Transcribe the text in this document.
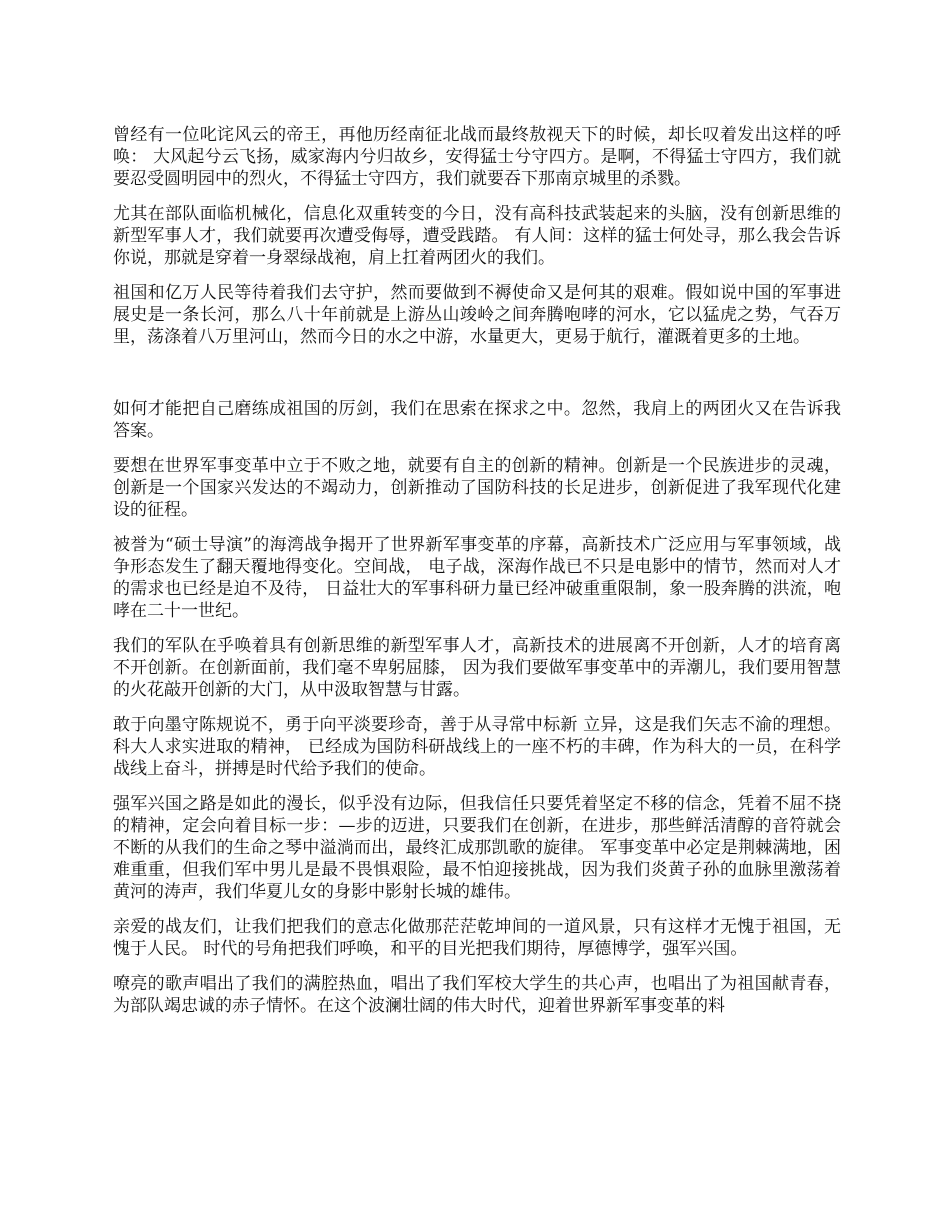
曾经有一位叱诧风云的帝王，再他历经南征北战而最终敖视天下的时候，却长叹着发出这样的呼唤： 大风起兮云飞扬，威家海内兮归故乡，安得猛士兮守四方。是啊，不得猛士守四方，我们就要忍受圆明园中的烈火，不得猛士守四方，我们就要吞下那南京城里的杀戮。

尤其在部队面临机械化，信息化双重转变的今日，没有高科技武装起来的头脑，没有创新思维的新型军事人才，我们就要再次遭受侮辱，遭受践踏。 有人间：这样的猛士何处寻，那么我会告诉你说，那就是穿着一身翠绿战袍，肩上扛着两团火的我们。

祖国和亿万人民等待着我们去守护，然而要做到不褥使命又是何其的艰难。假如说中国的军事进展史是一条长河，那么八十年前就是上游丛山竣岭之间奔腾咆哮的河水，它以猛虎之势，气吞万里，荡涤着八万里河山，然而今日的水之中游，水量更大，更易于航行，灌溉着更多的土地。

如何才能把自己磨练成祖国的厉剑，我们在思索在探求之中。忽然，我肩上的两团火又在告诉我答案。

要想在世界军事变革中立于不败之地，就要有自主的创新的精神。创新是一个民族进步的灵魂，创新是一个国家兴发达的不竭动力，创新推动了国防科技的长足进步，创新促进了我军现代化建设的征程。

被誉为“硕士导演”的海湾战争揭开了世界新军事变革的序幕，高新技术广泛应用与军事领域，战争形态发生了翻天覆地得变化。空间战， 电子战，深海作战已不只是电影中的情节，然而对人才的需求也已经是迫不及待， 日益壮大的军事科研力量已经冲破重重限制，象一股奔腾的洪流，咆哮在二十一世纪。

我们的军队在乎唤着具有创新思维的新型军事人才，高新技术的进展离不开创新，人才的培育离不开创新。在创新面前，我们毫不卑躬屈膝， 因为我们要做军事变革中的弄潮儿，我们要用智慧的火花敲开创新的大门，从中汲取智慧与甘露。

敢于向墨守陈规说不，勇于向平淡要珍奇，善于从寻常中标新 立异，这是我们矢志不渝的理想。科大人求实进取的精神， 已经成为国防科研战线上的一座不朽的丰碑，作为科大的一员，在科学战线上奋斗，拼搏是时代给予我们的使命。

强军兴国之路是如此的漫长，似乎没有边际，但我信任只要凭着坚定不移的信念，凭着不屈不挠的精神，定会向着目标一步：—步的迈进，只要我们在创新，在进步，那些鲜活清醇的音符就会不断的从我们的生命之琴中溢淌而出，最终汇成那凯歌的旋律。 军事变革中必定是荆棘满地，困难重重，但我们军中男儿是最不畏惧艰险，最不怕迎接挑战，因为我们炎黄子孙的血脉里激荡着黄河的涛声，我们华夏儿女的身影中影射长城的雄伟。

亲爱的战友们，让我们把我们的意志化做那茫茫乾坤间的一道风景，只有这样才无愧于祖国，无愧于人民。 时代的号角把我们呼唤，和平的目光把我们期待，厚德博学，强军兴国。

嘹亮的歌声唱出了我们的满腔热血，唱出了我们军校大学生的共心声，也唱出了为祖国献青春，为部队竭忠诚的赤子情怀。在这个波澜壮阔的伟大时代，迎着世界新军事变革的料
